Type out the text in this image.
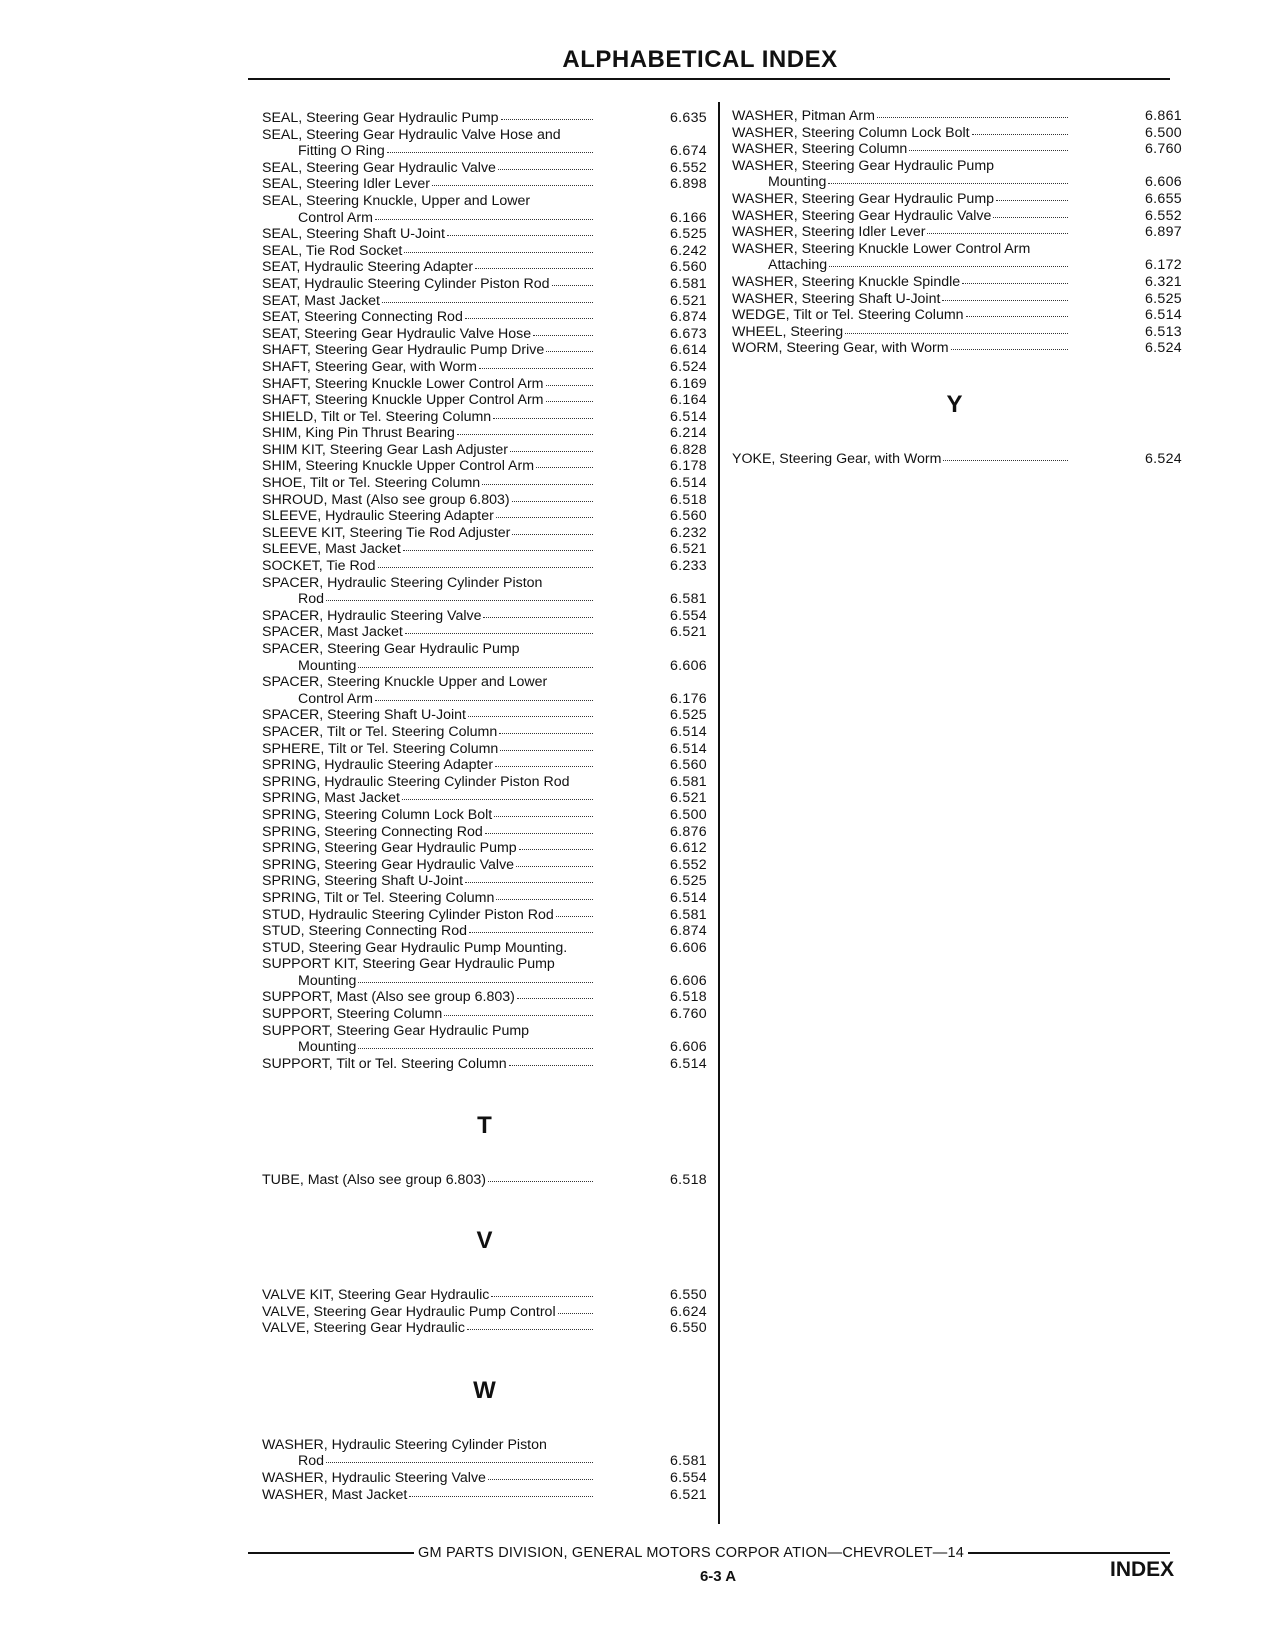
ALPHABETICAL INDEX
SEAL, Steering Gear Hydraulic Pump	6.635
SEAL, Steering Gear Hydraulic Valve Hose and
Fitting O Ring	6.674
SEAL, Steering Gear Hydraulic Valve	6.552
SEAL, Steering Idler Lever	6.898
SEAL, Steering Knuckle, Upper and Lower
Control Arm	6.166
SEAL, Steering Shaft U-Joint	6.525
SEAL, Tie Rod Socket	6.242
SEAT, Hydraulic Steering Adapter	6.560
SEAT, Hydraulic Steering Cylinder Piston Rod	6.581
SEAT, Mast Jacket	6.521
SEAT, Steering Connecting Rod	6.874
SEAT, Steering Gear Hydraulic Valve Hose	6.673
SHAFT, Steering Gear Hydraulic Pump Drive	6.614
SHAFT, Steering Gear, with Worm	6.524
SHAFT, Steering Knuckle Lower Control Arm	6.169
SHAFT, Steering Knuckle Upper Control Arm	6.164
SHIELD, Tilt or Tel. Steering Column	6.514
SHIM, King Pin Thrust Bearing	6.214
SHIM KIT, Steering Gear Lash Adjuster	6.828
SHIM, Steering Knuckle Upper Control Arm	6.178
SHOE, Tilt or Tel. Steering Column	6.514
SHROUD, Mast (Also see group 6.803)	6.518
SLEEVE, Hydraulic Steering Adapter	6.560
SLEEVE KIT, Steering Tie Rod Adjuster	6.232
SLEEVE, Mast Jacket	6.521
SOCKET, Tie Rod	6.233
SPACER, Hydraulic Steering Cylinder Piston
Rod	6.581
SPACER, Hydraulic Steering Valve	6.554
SPACER, Mast Jacket	6.521
SPACER, Steering Gear Hydraulic Pump
Mounting	6.606
SPACER, Steering Knuckle Upper and Lower
Control Arm	6.176
SPACER, Steering Shaft U-Joint	6.525
SPACER, Tilt or Tel. Steering Column	6.514
SPHERE, Tilt or Tel. Steering Column	6.514
SPRING, Hydraulic Steering Adapter	6.560
SPRING, Hydraulic Steering Cylinder Piston Rod	6.581
SPRING, Mast Jacket	6.521
SPRING, Steering Column Lock Bolt	6.500
SPRING, Steering Connecting Rod	6.876
SPRING, Steering Gear Hydraulic Pump	6.612
SPRING, Steering Gear Hydraulic Valve	6.552
SPRING, Steering Shaft U-Joint	6.525
SPRING, Tilt or Tel. Steering Column	6.514
STUD, Hydraulic Steering Cylinder Piston Rod	6.581
STUD, Steering Connecting Rod	6.874
STUD, Steering Gear Hydraulic Pump Mounting.	6.606
SUPPORT KIT, Steering Gear Hydraulic Pump
Mounting	6.606
SUPPORT, Mast (Also see group 6.803)	6.518
SUPPORT, Steering Column	6.760
SUPPORT, Steering Gear Hydraulic Pump
Mounting	6.606
SUPPORT, Tilt or Tel. Steering Column	6.514
T
TUBE, Mast (Also see group 6.803)	6.518
V
VALVE KIT, Steering Gear Hydraulic	6.550
VALVE, Steering Gear Hydraulic Pump Control	6.624
VALVE, Steering Gear Hydraulic	6.550
W
WASHER, Hydraulic Steering Cylinder Piston
Rod	6.581
WASHER, Hydraulic Steering Valve	6.554
WASHER, Mast Jacket	6.521
WASHER, Pitman Arm	6.861
WASHER, Steering Column Lock Bolt	6.500
WASHER, Steering Column	6.760
WASHER, Steering Gear Hydraulic Pump
Mounting	6.606
WASHER, Steering Gear Hydraulic Pump	6.655
WASHER, Steering Gear Hydraulic Valve	6.552
WASHER, Steering Idler Lever	6.897
WASHER, Steering Knuckle Lower Control Arm
Attaching	6.172
WASHER, Steering Knuckle Spindle	6.321
WASHER, Steering Shaft U-Joint	6.525
WEDGE, Tilt or Tel. Steering Column	6.514
WHEEL, Steering	6.513
WORM, Steering Gear, with Worm	6.524
Y
YOKE, Steering Gear, with Worm	6.524
GM PARTS DIVISION, GENERAL MOTORS CORPOR ATION—CHEVROLET—14
6-3 A	INDEX
